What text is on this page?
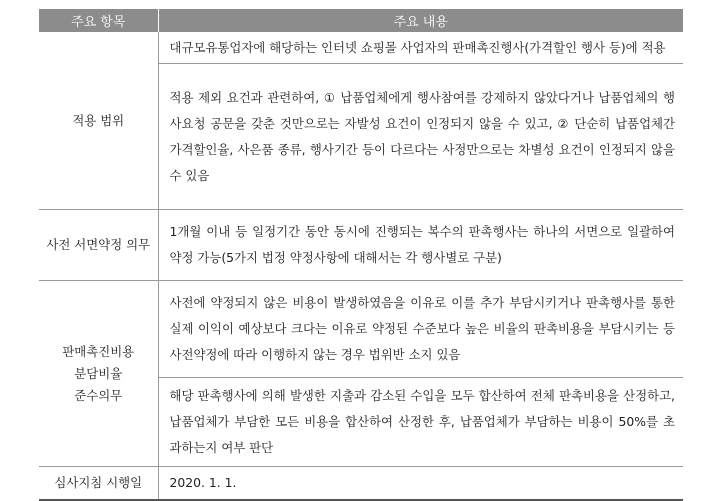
주요 항목	주요 내용

적용 범위	대규모유통업자에 해당하는 인터넷 쇼핑몰 사업자의 판매촉진행사(가격할인 행사 등)에 적용

	적용 제외 요건과 관련하여, ① 납품업체에게 행사참여를 강제하지 않았다거나 납품업체의 행사요청 공문을 갖춘 것만으로는 자발성 요건이 인정되지 않을 수 있고, ② 단순히 납품업체간 가격할인율, 사은품 종류, 행사기간 등이 다르다는 사정만으로는 차별성 요건이 인정되지 않을 수 있음

사전 서면약정 의무	1개월 이내 등 일정기간 동안 동시에 진행되는 복수의 판촉행사는 하나의 서면으로 일괄하여 약정 가능(5가지 법정 약정사항에 대해서는 각 행사별로 구분)

판매촉진비용
분담비율
준수의무	사전에 약정되지 않은 비용이 발생하였음을 이유로 이를 추가 부담시키거나 판촉행사를 통한 실제 이익이 예상보다 크다는 이유로 약정된 수준보다 높은 비율의 판촉비용을 부담시키는 등 사전약정에 따라 이행하지 않는 경우 법위반 소지 있음

	해당 판촉행사에 의해 발생한 지출과 감소된 수입을 모두 합산하여 전체 판촉비용을 산정하고, 납품업체가 부담한 모든 비용을 합산하여 산정한 후, 납품업체가 부담하는 비용이 50%를 초과하는지 여부 판단

심사지침 시행일	2020. 1. 1.
